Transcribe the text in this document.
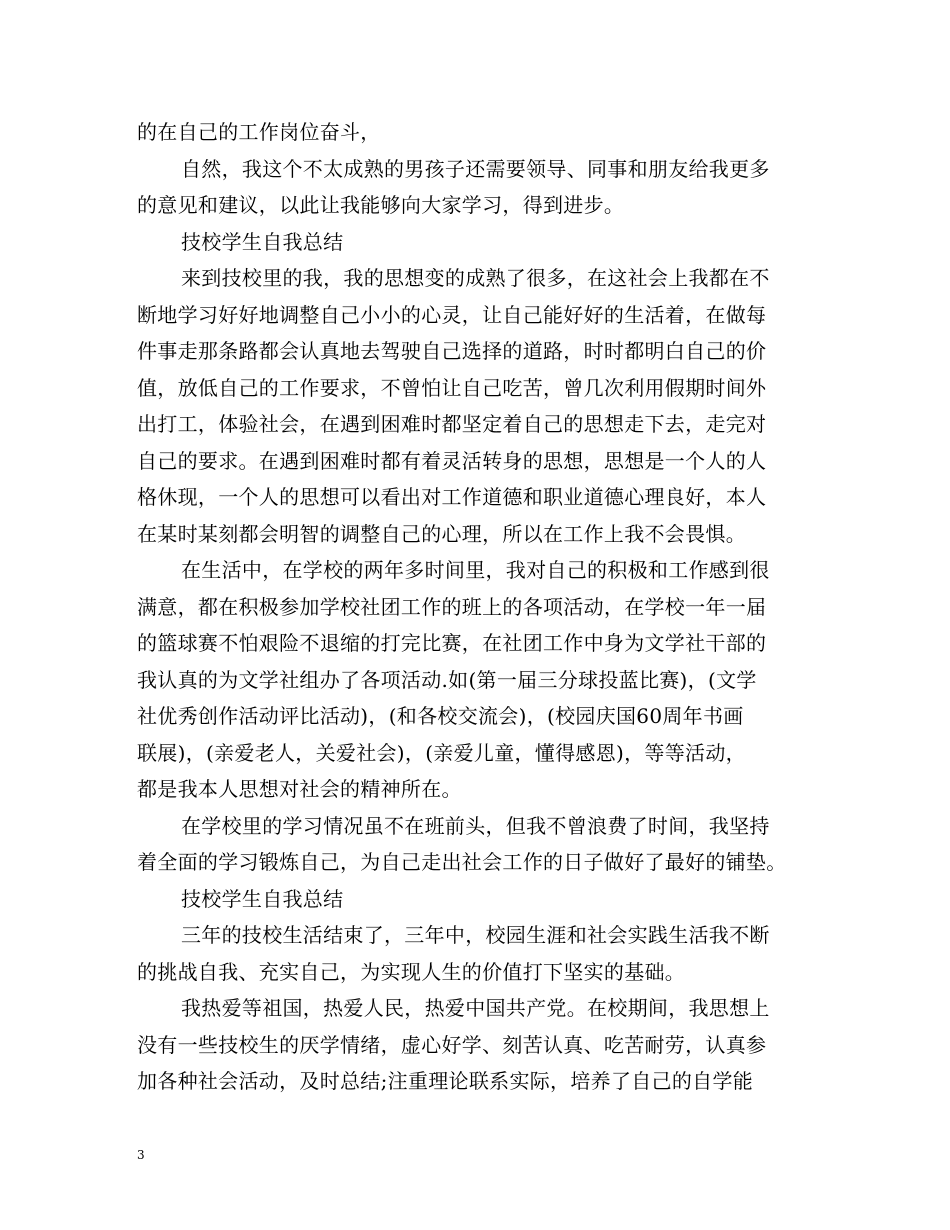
的在自己的工作岗位奋斗，
自然，我这个不太成熟的男孩子还需要领导、同事和朋友给我更多
的意见和建议，以此让我能够向大家学习，得到进步。
技校学生自我总结
来到技校里的我，我的思想变的成熟了很多，在这社会上我都在不
断地学习好好地调整自己小小的心灵，让自己能好好的生活着，在做每
件事走那条路都会认真地去驾驶自己选择的道路，时时都明白自己的价
值，放低自己的工作要求，不曾怕让自己吃苦，曾几次利用假期时间外
出打工，体验社会，在遇到困难时都坚定着自己的思想走下去，走完对
自己的要求。在遇到困难时都有着灵活转身的思想，思想是一个人的人
格休现，一个人的思想可以看出对工作道德和职业道德心理良好，本人
在某时某刻都会明智的调整自己的心理，所以在工作上我不会畏惧。
在生活中，在学校的两年多时间里，我对自己的积极和工作感到很
满意，都在积极参加学校社团工作的班上的各项活动，在学校一年一届
的篮球赛不怕艰险不退缩的打完比赛，在社团工作中身为文学社干部的
我认真的为文学社组办了各项活动.如(第一届三分球投蓝比赛)，(文学
社优秀创作活动评比活动)，(和各校交流会)，(校园庆国60周年书画
联展)，(亲爱老人，关爱社会)，(亲爱儿童，懂得感恩)，等等活动，
都是我本人思想对社会的精神所在。
在学校里的学习情况虽不在班前头，但我不曾浪费了时间，我坚持
着全面的学习锻炼自己，为自己走出社会工作的日子做好了最好的铺垫。
技校学生自我总结
三年的技校生活结束了，三年中，校园生涯和社会实践生活我不断
的挑战自我、充实自己，为实现人生的价值打下坚实的基础。
我热爱等祖国，热爱人民，热爱中国共产党。在校期间，我思想上
没有一些技校生的厌学情绪，虚心好学、刻苦认真、吃苦耐劳，认真参
加各种社会活动，及时总结;注重理论联系实际，培养了自己的自学能
3
